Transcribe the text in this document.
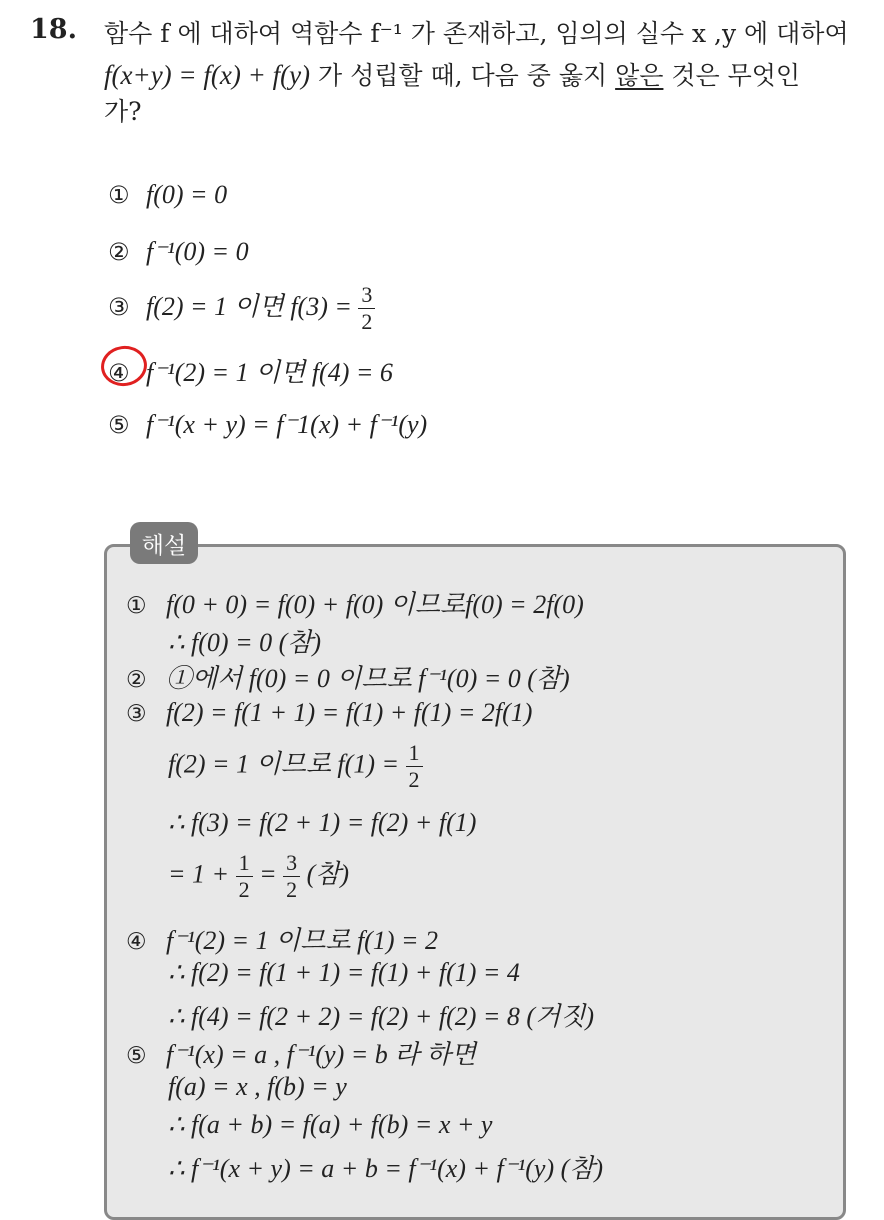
18. 함수 f 에 대하여 역함수 f⁻¹ 가 존재하고, 임의의 실수 x ,y 에 대하여
f(x+y) = f(x) + f(y) 가 성립할 때, 다음 중 옳지 않은 것은 무엇인
가?
① f(0) = 0
② f⁻¹(0) = 0
③ f(2) = 1 이면 $f(3) = \frac{3}{2}$
④ f⁻¹(2) = 1 이면 f(4) = 6
⑤ f⁻¹(x + y) = f⁻1(x) + f⁻¹(y)
해설
① f(0 + 0) = f(0) + f(0) 이므로f(0) = 2f(0)
∴ f(0) = 0 (참)
② ①에서 f(0) = 0 이므로 f⁻¹(0) = 0 (참)
③ f(2) = f(1 + 1) = f(1) + f(1) = 2f(1)
f(2) = 1 이므로 $f(1) = \frac{1}{2}$
∴ f(3) = f(2 + 1) = f(2) + f(1)
= $1 + \frac{1}{2} = \frac{3}{2}$ (참)
④ f⁻¹(2) = 1 이므로 f(1) = 2
∴ f(2) = f(1 + 1) = f(1) + f(1) = 4
∴ f(4) = f(2 + 2) = f(2) + f(2) = 8 (거짓)
⑤ f⁻¹(x) = a , f⁻¹(y) = b 라 하면
f(a) = x , f(b) = y
∴ f(a + b) = f(a) + f(b) = x + y
∴ f⁻¹(x + y) = a + b = f⁻¹(x) + f⁻¹(y) (참)
